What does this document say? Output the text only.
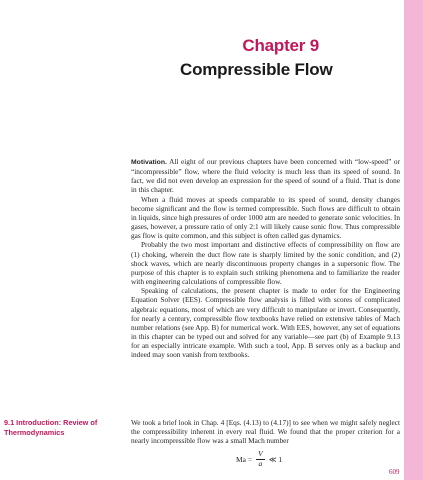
Chapter 9
Compressible Flow

Motivation. All eight of our previous chapters have been concerned with “low-speed” or “incompressible” flow, where the fluid velocity is much less than its speed of sound. In fact, we did not even develop an expression for the speed of sound of a fluid. That is done in this chapter.

When a fluid moves at speeds comparable to its speed of sound, density changes become significant and the flow is termed compressible. Such flows are difficult to obtain in liquids, since high pressures of order 1000 atm are needed to generate sonic velocities. In gases, however, a pressure ratio of only 2:1 will likely cause sonic flow. Thus compressible gas flow is quite common, and this subject is often called gas dynamics.

Probably the two most important and distinctive effects of compressibility on flow are (1) choking, wherein the duct flow rate is sharply limited by the sonic condition, and (2) shock waves, which are nearly discontinuous property changes in a supersonic flow. The purpose of this chapter is to explain such striking phenomena and to familiarize the reader with engineering calculations of compressible flow.

Speaking of calculations, the present chapter is made to order for the Engineering Equation Solver (EES). Compressible flow analysis is filled with scores of complicated algebraic equations, most of which are very difficult to manipulate or invert. Consequently, for nearly a century, compressible flow textbooks have relied on extensive tables of Mach number relations (see App. B) for numerical work. With EES, however, any set of equations in this chapter can be typed out and solved for any variable—see part (b) of Example 9.13 for an especially intricate example. With such a tool, App. B serves only as a backup and indeed may soon vanish from textbooks.

9.1 Introduction: Review of Thermodynamics

We took a brief look in Chap. 4 [Eqs. (4.13) to (4.17)] to see when we might safely neglect the compressibility inherent in every real fluid. We found that the proper criterion for a nearly incompressible flow was a small Mach number

$Ma = \frac{V}{a}$ ≪ 1
609
